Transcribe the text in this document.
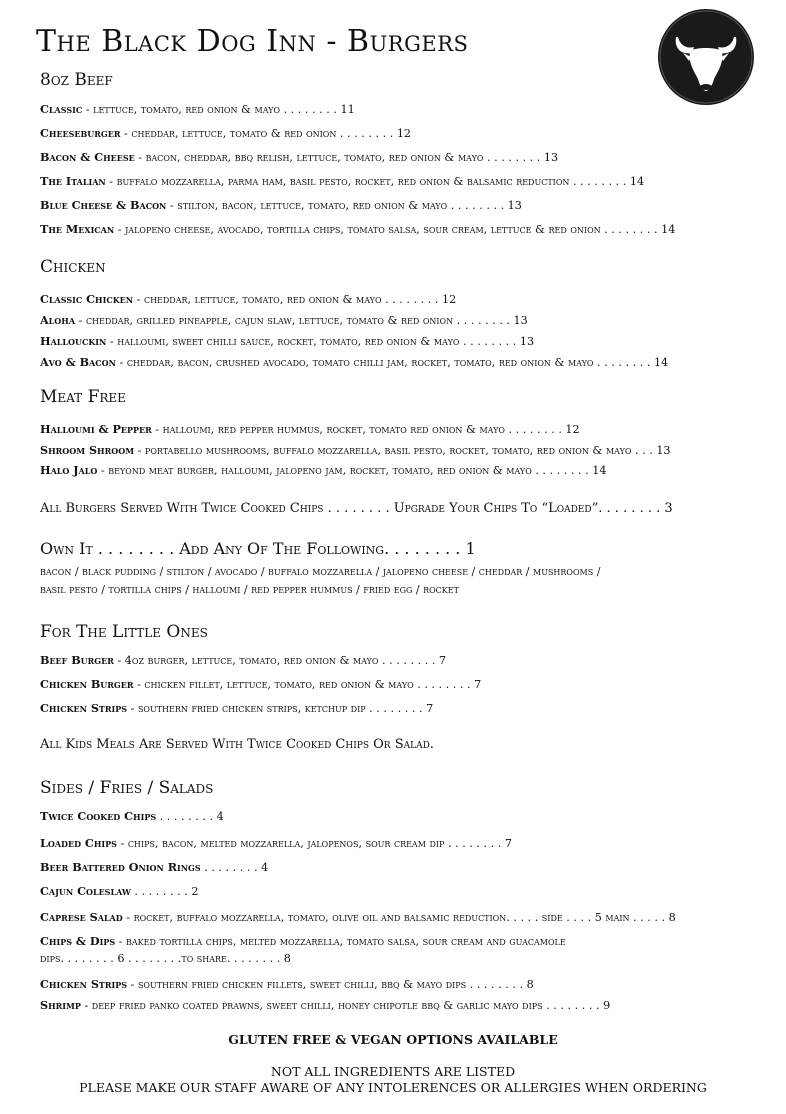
The Black Dog Inn - Burgers
8oz Beef
Classic - lettuce, tomato, red onion & mayo . . . . . . . . 11
Cheeseburger - cheddar, lettuce, tomato & red onion . . . . . . . . 12
Bacon & Cheese - bacon, cheddar, bbq relish, lettuce, tomato, red onion & mayo . . . . . . . . 13
The Italian - buffalo mozzarella, parma ham, basil pesto, rocket, red onion & balsamic reduction . . . . . . . . 14
Blue Cheese & Bacon - stilton, bacon, lettuce, tomato, red onion & mayo . . . . . . . . 13
The Mexican - jalopeno cheese, avocado, tortilla chips, tomato salsa, sour cream, lettuce & red onion . . . . . . . . 14
Chicken
Classic Chicken - cheddar, lettuce, tomato, red onion & mayo . . . . . . . . 12
Aloha - cheddar, grilled pineapple, cajun slaw, lettuce, tomato & red onion . . . . . . . . 13
Hallouckin - halloumi, sweet chilli sauce, rocket, tomato, red onion & mayo . . . . . . . . 13
Avo & Bacon - cheddar, bacon, crushed avocado, tomato chilli jam, rocket, tomato, red onion & mayo . . . . . . . . 14
Meat Free
Halloumi & Pepper - halloumi, red pepper hummus, rocket, tomato red onion & mayo . . . . . . . . 12
Shroom Shroom - portabello mushrooms, buffalo mozzarella, basil pesto, rocket, tomato, red onion & mayo . . . 13
Halo Jalo - beyond meat burger, halloumi, jalopeno jam, rocket, tomato, red onion & mayo . . . . . . . . 14
All Burgers Served With Twice Cooked Chips . . . . . . . . Upgrade Your Chips To “Loaded”. . . . . . . . 3
Own It . . . . . . . . Add Any Of The Following. . . . . . . . 1
bacon / black pudding / stilton / avocado / buffalo mozzarella / jalopeno cheese / cheddar / mushrooms /
basil pesto / tortilla chips / halloumi / red pepper hummus / fried egg / rocket
For The Little Ones
Beef Burger - 4oz burger, lettuce, tomato, red onion & mayo . . . . . . . . 7
Chicken Burger - chicken fillet, lettuce, tomato, red onion & mayo . . . . . . . . 7
Chicken Strips - southern fried chicken strips, ketchup dip . . . . . . . . 7
All Kids Meals Are Served With Twice Cooked Chips Or Salad.
Sides / Fries / Salads
Twice Cooked Chips . . . . . . . . 4
Loaded Chips - chips, bacon, melted mozzarella, jalopenos, sour cream dip . . . . . . . . 7
Beer Battered Onion Rings . . . . . . . . 4
Cajun Coleslaw . . . . . . . . 2
Caprese Salad - rocket, buffalo mozzarella, tomato, olive oil and balsamic reduction. . . . . side . . . . 5 main . . . . . 8
Chips & Dips - baked tortilla chips, melted mozzarella, tomato salsa, sour cream and guacamole
dips. . . . . . . . 6 . . . . . . . .to share. . . . . . . . 8
Chicken Strips - southern fried chicken fillets, sweet chilli, bbq & mayo dips . . . . . . . . 8
Shrimp - deep fried panko coated prawns, sweet chilli, honey chipotle bbq & garlic mayo dips . . . . . . . . 9
GLUTEN FREE & VEGAN OPTIONS AVAILABLE
NOT ALL INGREDIENTS ARE LISTED
PLEASE MAKE OUR STAFF AWARE OF ANY INTOLERENCES OR ALLERGIES WHEN ORDERING
